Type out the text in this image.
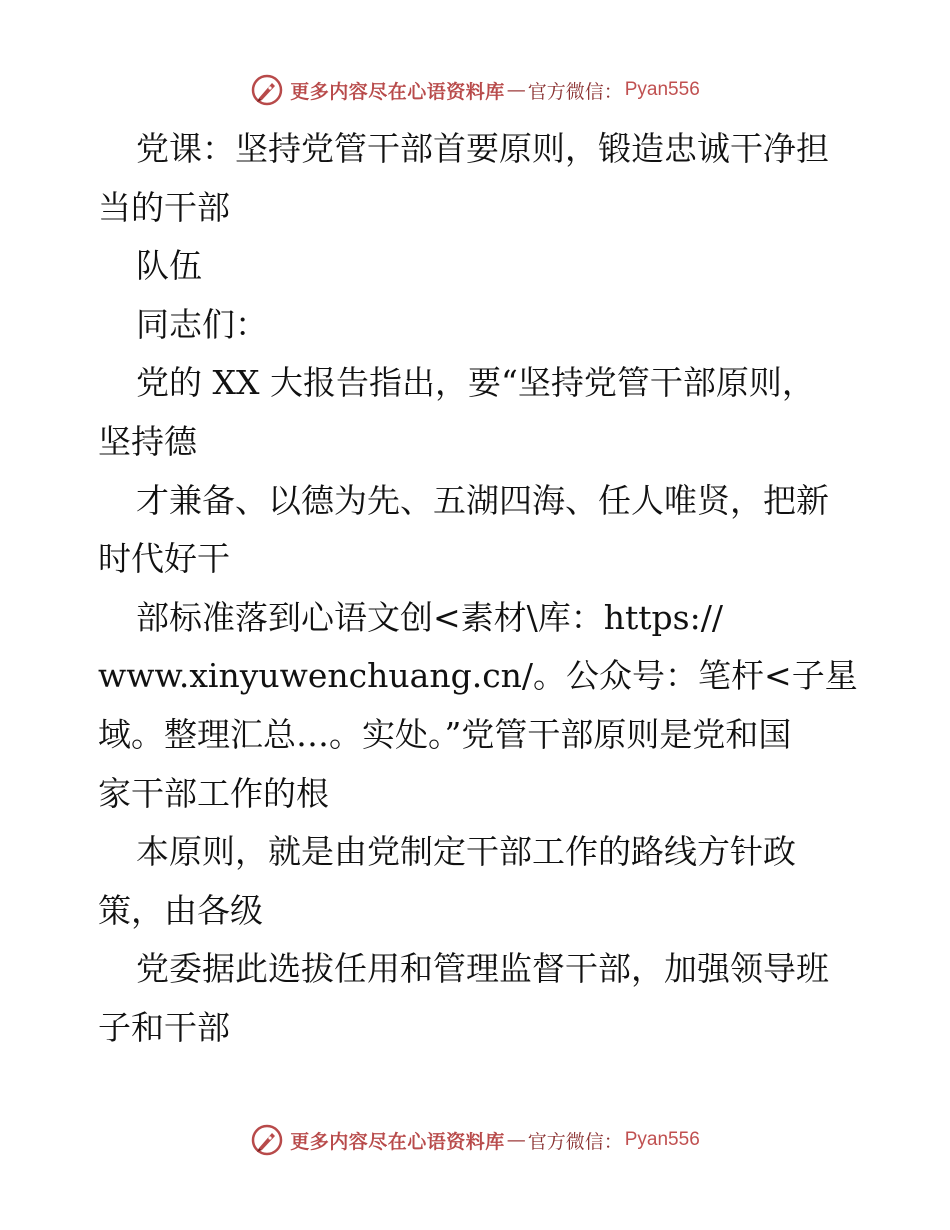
更多内容尽在心语资料库 — 官方微信： Pyan556
党课：坚持党管干部首要原则，锻造忠诚干净担
当的干部
队伍
同志们：
党的 XX 大报告指出，要“坚持党管干部原则，
坚持德
才兼备、以德为先、五湖四海、任人唯贤，把新
时代好干
部标准落到心语文创<素材\库：https://
www.xinyuwenchuang.cn/。公众号：笔杆<子星
域。整理汇总…。实处。”党管干部原则是党和国
家干部工作的根
本原则，就是由党制定干部工作的路线方针政
策，由各级
党委据此选拔任用和管理监督干部，加强领导班
子和干部
更多内容尽在心语资料库 — 官方微信： Pyan556
